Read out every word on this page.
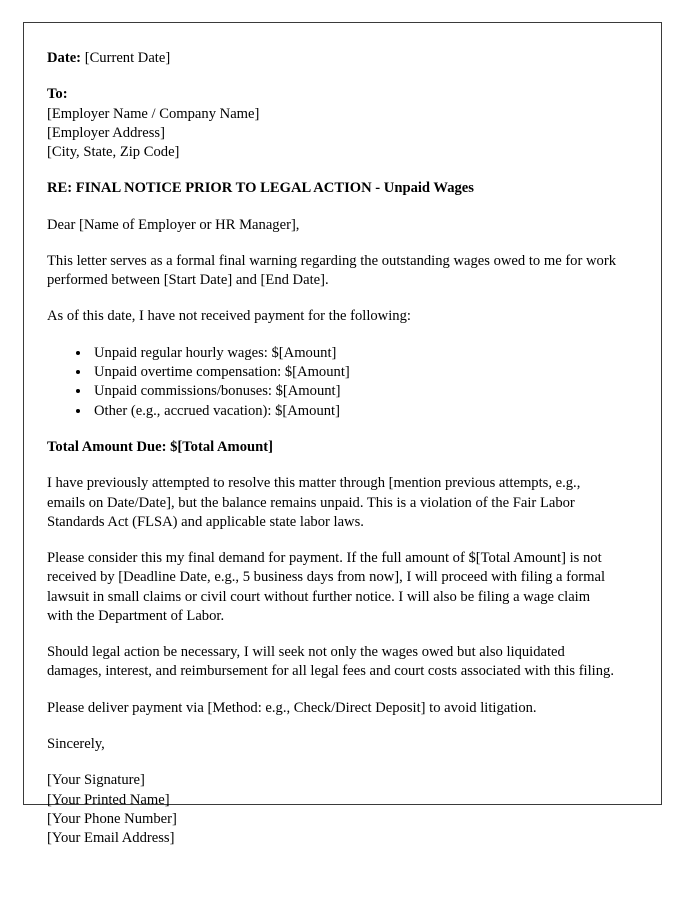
Date: [Current Date]

To:
[Employer Name / Company Name]
[Employer Address]
[City, State, Zip Code]

RE: FINAL NOTICE PRIOR TO LEGAL ACTION - Unpaid Wages

Dear [Name of Employer or HR Manager],

This letter serves as a formal final warning regarding the outstanding wages owed to me for work performed between [Start Date] and [End Date].

As of this date, I have not received payment for the following:

• Unpaid regular hourly wages: $[Amount]
• Unpaid overtime compensation: $[Amount]
• Unpaid commissions/bonuses: $[Amount]
• Other (e.g., accrued vacation): $[Amount]

Total Amount Due: $[Total Amount]

I have previously attempted to resolve this matter through [mention previous attempts, e.g., emails on Date/Date], but the balance remains unpaid. This is a violation of the Fair Labor Standards Act (FLSA) and applicable state labor laws.

Please consider this my final demand for payment. If the full amount of $[Total Amount] is not received by [Deadline Date, e.g., 5 business days from now], I will proceed with filing a formal lawsuit in small claims or civil court without further notice. I will also be filing a wage claim with the Department of Labor.

Should legal action be necessary, I will seek not only the wages owed but also liquidated damages, interest, and reimbursement for all legal fees and court costs associated with this filing.

Please deliver payment via [Method: e.g., Check/Direct Deposit] to avoid litigation.

Sincerely,

[Your Signature]
[Your Printed Name]
[Your Phone Number]
[Your Email Address]
